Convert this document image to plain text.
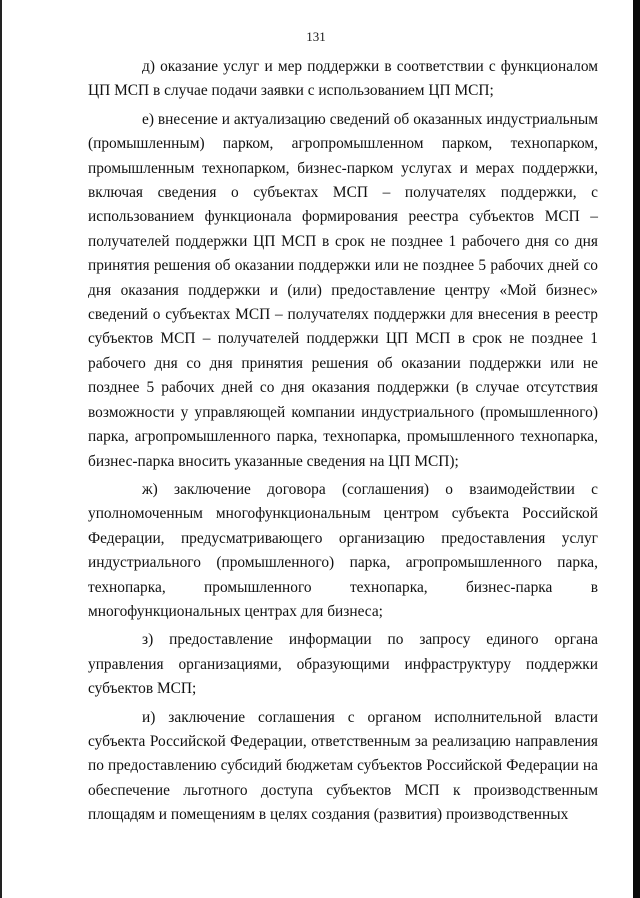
131

д) оказание услуг и мер поддержки в соответствии с функционалом ЦП МСП в случае подачи заявки с использованием ЦП МСП;

е) внесение и актуализацию сведений об оказанных индустриальным (промышленным) парком, агропромышленном парком, технопарком, промышленным технопарком, бизнес-парком услугах и мерах поддержки, включая сведения о субъектах МСП – получателях поддержки, с использованием функционала формирования реестра субъектов МСП – получателей поддержки ЦП МСП в срок не позднее 1 рабочего дня со дня принятия решения об оказании поддержки или не позднее 5 рабочих дней со дня оказания поддержки и (или) предоставление центру «Мой бизнес» сведений о субъектах МСП – получателях поддержки для внесения в реестр субъектов МСП – получателей поддержки ЦП МСП в срок не позднее 1 рабочего дня со дня принятия решения об оказании поддержки или не позднее 5 рабочих дней со дня оказания поддержки (в случае отсутствия возможности у управляющей компании индустриального (промышленного) парка, агропромышленного парка, технопарка, промышленного технопарка, бизнес-парка вносить указанные сведения на ЦП МСП);

ж) заключение договора (соглашения) о взаимодействии с уполномоченным многофункциональным центром субъекта Российской Федерации, предусматривающего организацию предоставления услуг индустриального (промышленного) парка, агропромышленного парка, технопарка, промышленного технопарка, бизнес-парка в многофункциональных центрах для бизнеса;

з) предоставление информации по запросу единого органа управления организациями, образующими инфраструктуру поддержки субъектов МСП;

и) заключение соглашения с органом исполнительной власти субъекта Российской Федерации, ответственным за реализацию направления по предоставлению субсидий бюджетам субъектов Российской Федерации на обеспечение льготного доступа субъектов МСП к производственным площадям и помещениям в целях создания (развития) производственных
